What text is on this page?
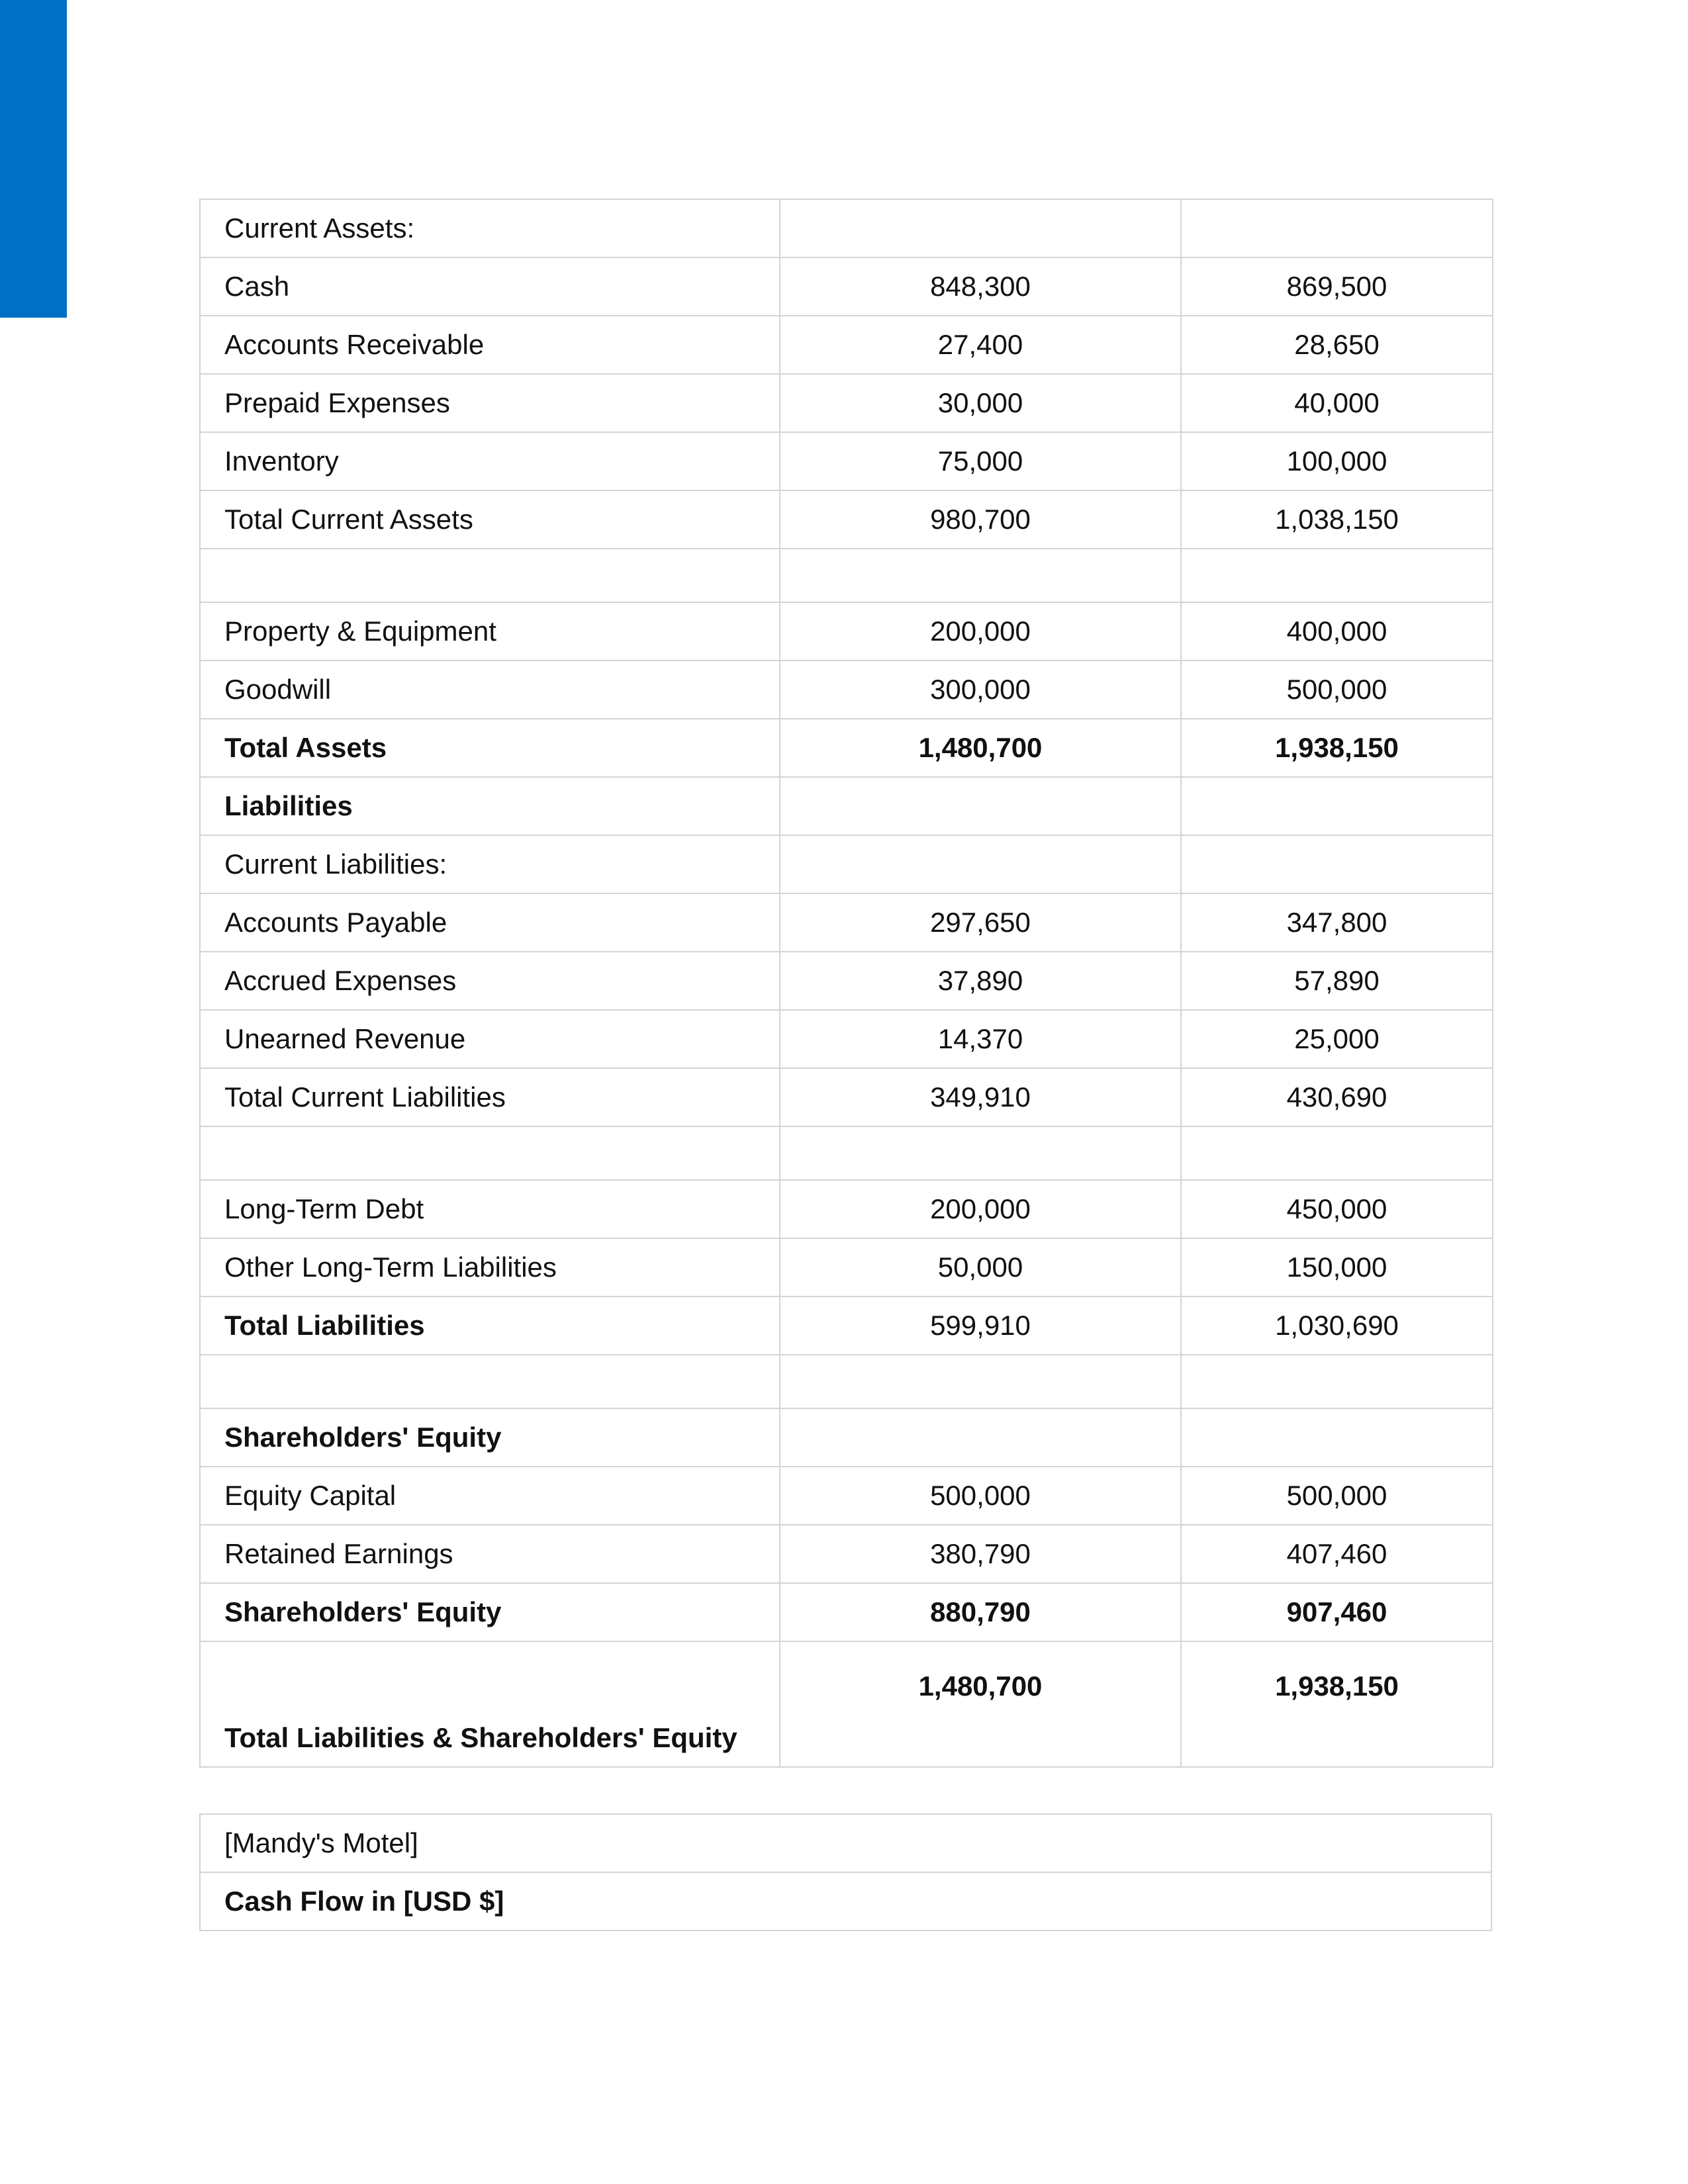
Current Assets:		
Cash	848,300	869,500
Accounts Receivable	27,400	28,650
Prepaid Expenses	30,000	40,000
Inventory	75,000	100,000
Total Current Assets	980,700	1,038,150

Property & Equipment	200,000	400,000
Goodwill	300,000	500,000
Total Assets	1,480,700	1,938,150
Liabilities		
Current Liabilities:		
Accounts Payable	297,650	347,800
Accrued Expenses	37,890	57,890
Unearned Revenue	14,370	25,000
Total Current Liabilities	349,910	430,690

Long-Term Debt	200,000	450,000
Other Long-Term Liabilities	50,000	150,000
Total Liabilities	599,910	1,030,690

Shareholders' Equity		
Equity Capital	500,000	500,000
Retained Earnings	380,790	407,460
Shareholders' Equity	880,790	907,460
Total Liabilities & Shareholders' Equity	1,480,700	1,938,150
[Mandy's Motel]
Cash Flow in [USD $]
